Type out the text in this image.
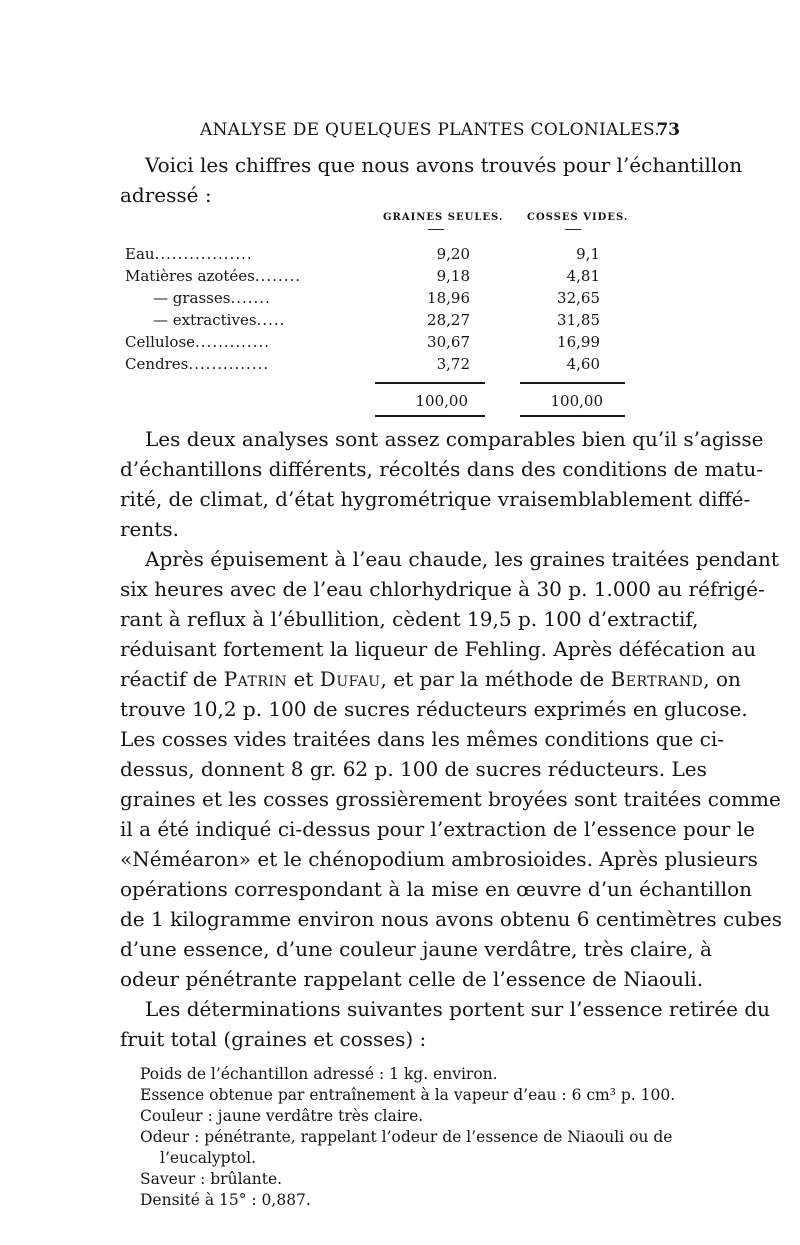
ANALYSE DE QUELQUES PLANTES COLONIALES.
73
Voici les chiffres que nous avons trouvés pour l’échantillon
adressé :
GRAINES SEULES. COSSES VIDES.
Eau.................
Matières azotées........
— grasses.......
— extractives.....
Cellulose.............
Cendres..............
9,20
9,18
18,96
28,27
30,67
3,72
9,1
4,81
32,65
31,85
16,99
4,60
100,00	100,00
Les deux analyses sont assez comparables bien qu’il s’agisse
d’échantillons différents, récoltés dans des conditions de matu-
rité, de climat, d’état hygrométrique vraisemblablement diffé-
rents.
Après épuisement à l’eau chaude, les graines traitées pendant
six heures avec de l’eau chlorhydrique à 30 p. 1.000 au réfrigé-
rant à reflux à l’ébullition, cèdent 19,5 p. 100 d’extractif,
réduisant fortement la liqueur de Fehling. Après défécation au
réactif de Patrin et Dufau, et par la méthode de Bertrand, on
trouve 10,2 p. 100 de sucres réducteurs exprimés en glucose.
Les cosses vides traitées dans les mêmes conditions que ci-
dessus, donnent 8 gr. 62 p. 100 de sucres réducteurs. Les
graines et les cosses grossièrement broyées sont traitées comme
il a été indiqué ci-dessus pour l’extraction de l’essence pour le
«Néméaron» et le chénopodium ambrosioides. Après plusieurs
opérations correspondant à la mise en œuvre d’un échantillon
de 1 kilogramme environ nous avons obtenu 6 centimètres cubes
d’une essence, d’une couleur jaune verdâtre, très claire, à
odeur pénétrante rappelant celle de l’essence de Niaouli.
Les déterminations suivantes portent sur l’essence retirée du
fruit total (graines et cosses) :
Poids de l’échantillon adressé : 1 kg. environ.
Essence obtenue par entraînement à la vapeur d’eau : 6 cm³ p. 100.
Couleur : jaune verdâtre très claire.
Odeur : pénétrante, rappelant l’odeur de l’essence de Niaouli ou de
l’eucalyptol.
Saveur : brûlante.
Densité à 15° : 0,887.
